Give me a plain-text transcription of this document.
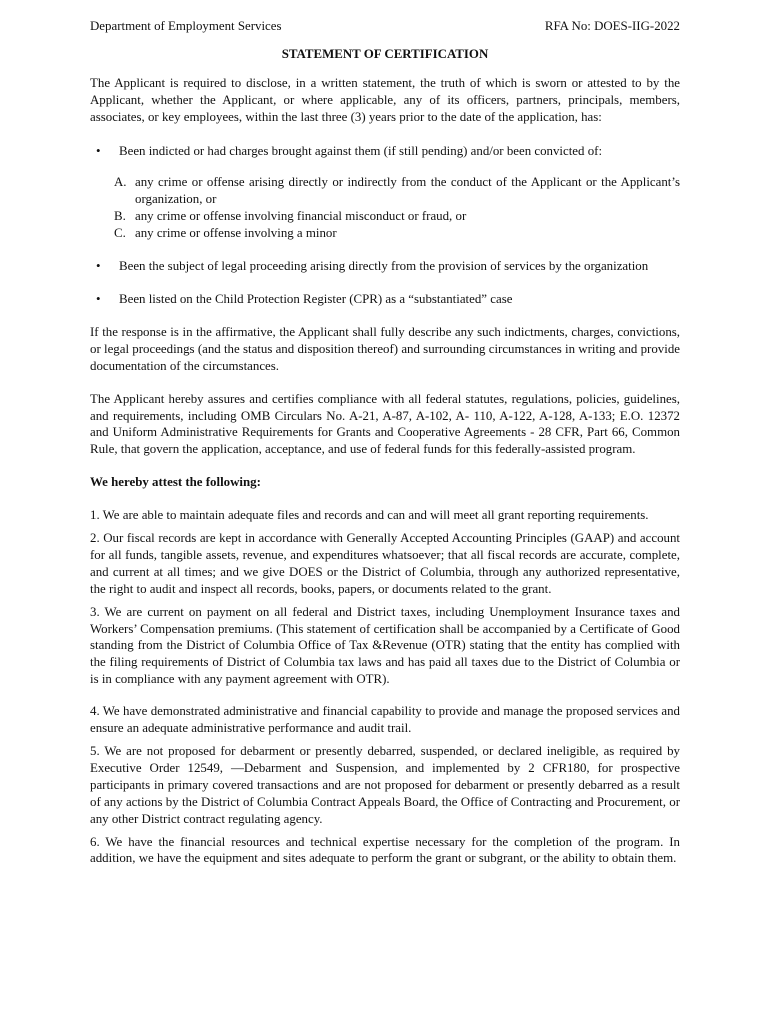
Department of Employment Services	RFA No: DOES-IIG-2022
STATEMENT OF CERTIFICATION

The Applicant is required to disclose, in a written statement, the truth of which is sworn or attested to by the Applicant, whether the Applicant, or where applicable, any of its officers, partners, principals, members, associates, or key employees, within the last three (3) years prior to the date of the application, has:

•	Been indicted or had charges brought against them (if still pending) and/or been convicted of:
A. any crime or offense arising directly or indirectly from the conduct of the Applicant or the Applicant’s organization, or
B. any crime or offense involving financial misconduct or fraud, or
C. any crime or offense involving a minor
•	Been the subject of legal proceeding arising directly from the provision of services by the organization
•	Been listed on the Child Protection Register (CPR) as a “substantiated” case

If the response is in the affirmative, the Applicant shall fully describe any such indictments, charges, convictions, or legal proceedings (and the status and disposition thereof) and surrounding circumstances in writing and provide documentation of the circumstances.

The Applicant hereby assures and certifies compliance with all federal statutes, regulations, policies, guidelines, and requirements, including OMB Circulars No. A-21, A-87, A-102, A- 110, A-122, A-128, A-133; E.O. 12372 and Uniform Administrative Requirements for Grants and Cooperative Agreements - 28 CFR, Part 66, Common Rule, that govern the application, acceptance, and use of federal funds for this federally-assisted program.

We hereby attest the following:

1. We are able to maintain adequate files and records and can and will meet all grant reporting requirements.

2. Our fiscal records are kept in accordance with Generally Accepted Accounting Principles (GAAP) and account for all funds, tangible assets, revenue, and expenditures whatsoever; that all fiscal records are accurate, complete, and current at all times; and we give DOES or the District of Columbia, through any authorized representative, the right to audit and inspect all records, books, papers, or documents related to the grant.

3. We are current on payment on all federal and District taxes, including Unemployment Insurance taxes and Workers’ Compensation premiums. (This statement of certification shall be accompanied by a Certificate of Good standing from the District of Columbia Office of Tax &Revenue (OTR) stating that the entity has complied with the filing requirements of District of Columbia tax laws and has paid all taxes due to the District of Columbia or is in compliance with any payment agreement with OTR).

4. We have demonstrated administrative and financial capability to provide and manage the proposed services and ensure an adequate administrative performance and audit trail.

5. We are not proposed for debarment or presently debarred, suspended, or declared ineligible, as required by Executive Order 12549, ―Debarment and Suspension, and implemented by 2 CFR180, for prospective participants in primary covered transactions and are not proposed for debarment or presently debarred as a result of any actions by the District of Columbia Contract Appeals Board, the Office of Contracting and Procurement, or any other District contract regulating agency.

6. We have the financial resources and technical expertise necessary for the completion of the program. In addition, we have the equipment and sites adequate to perform the grant or subgrant, or the ability to obtain them.
